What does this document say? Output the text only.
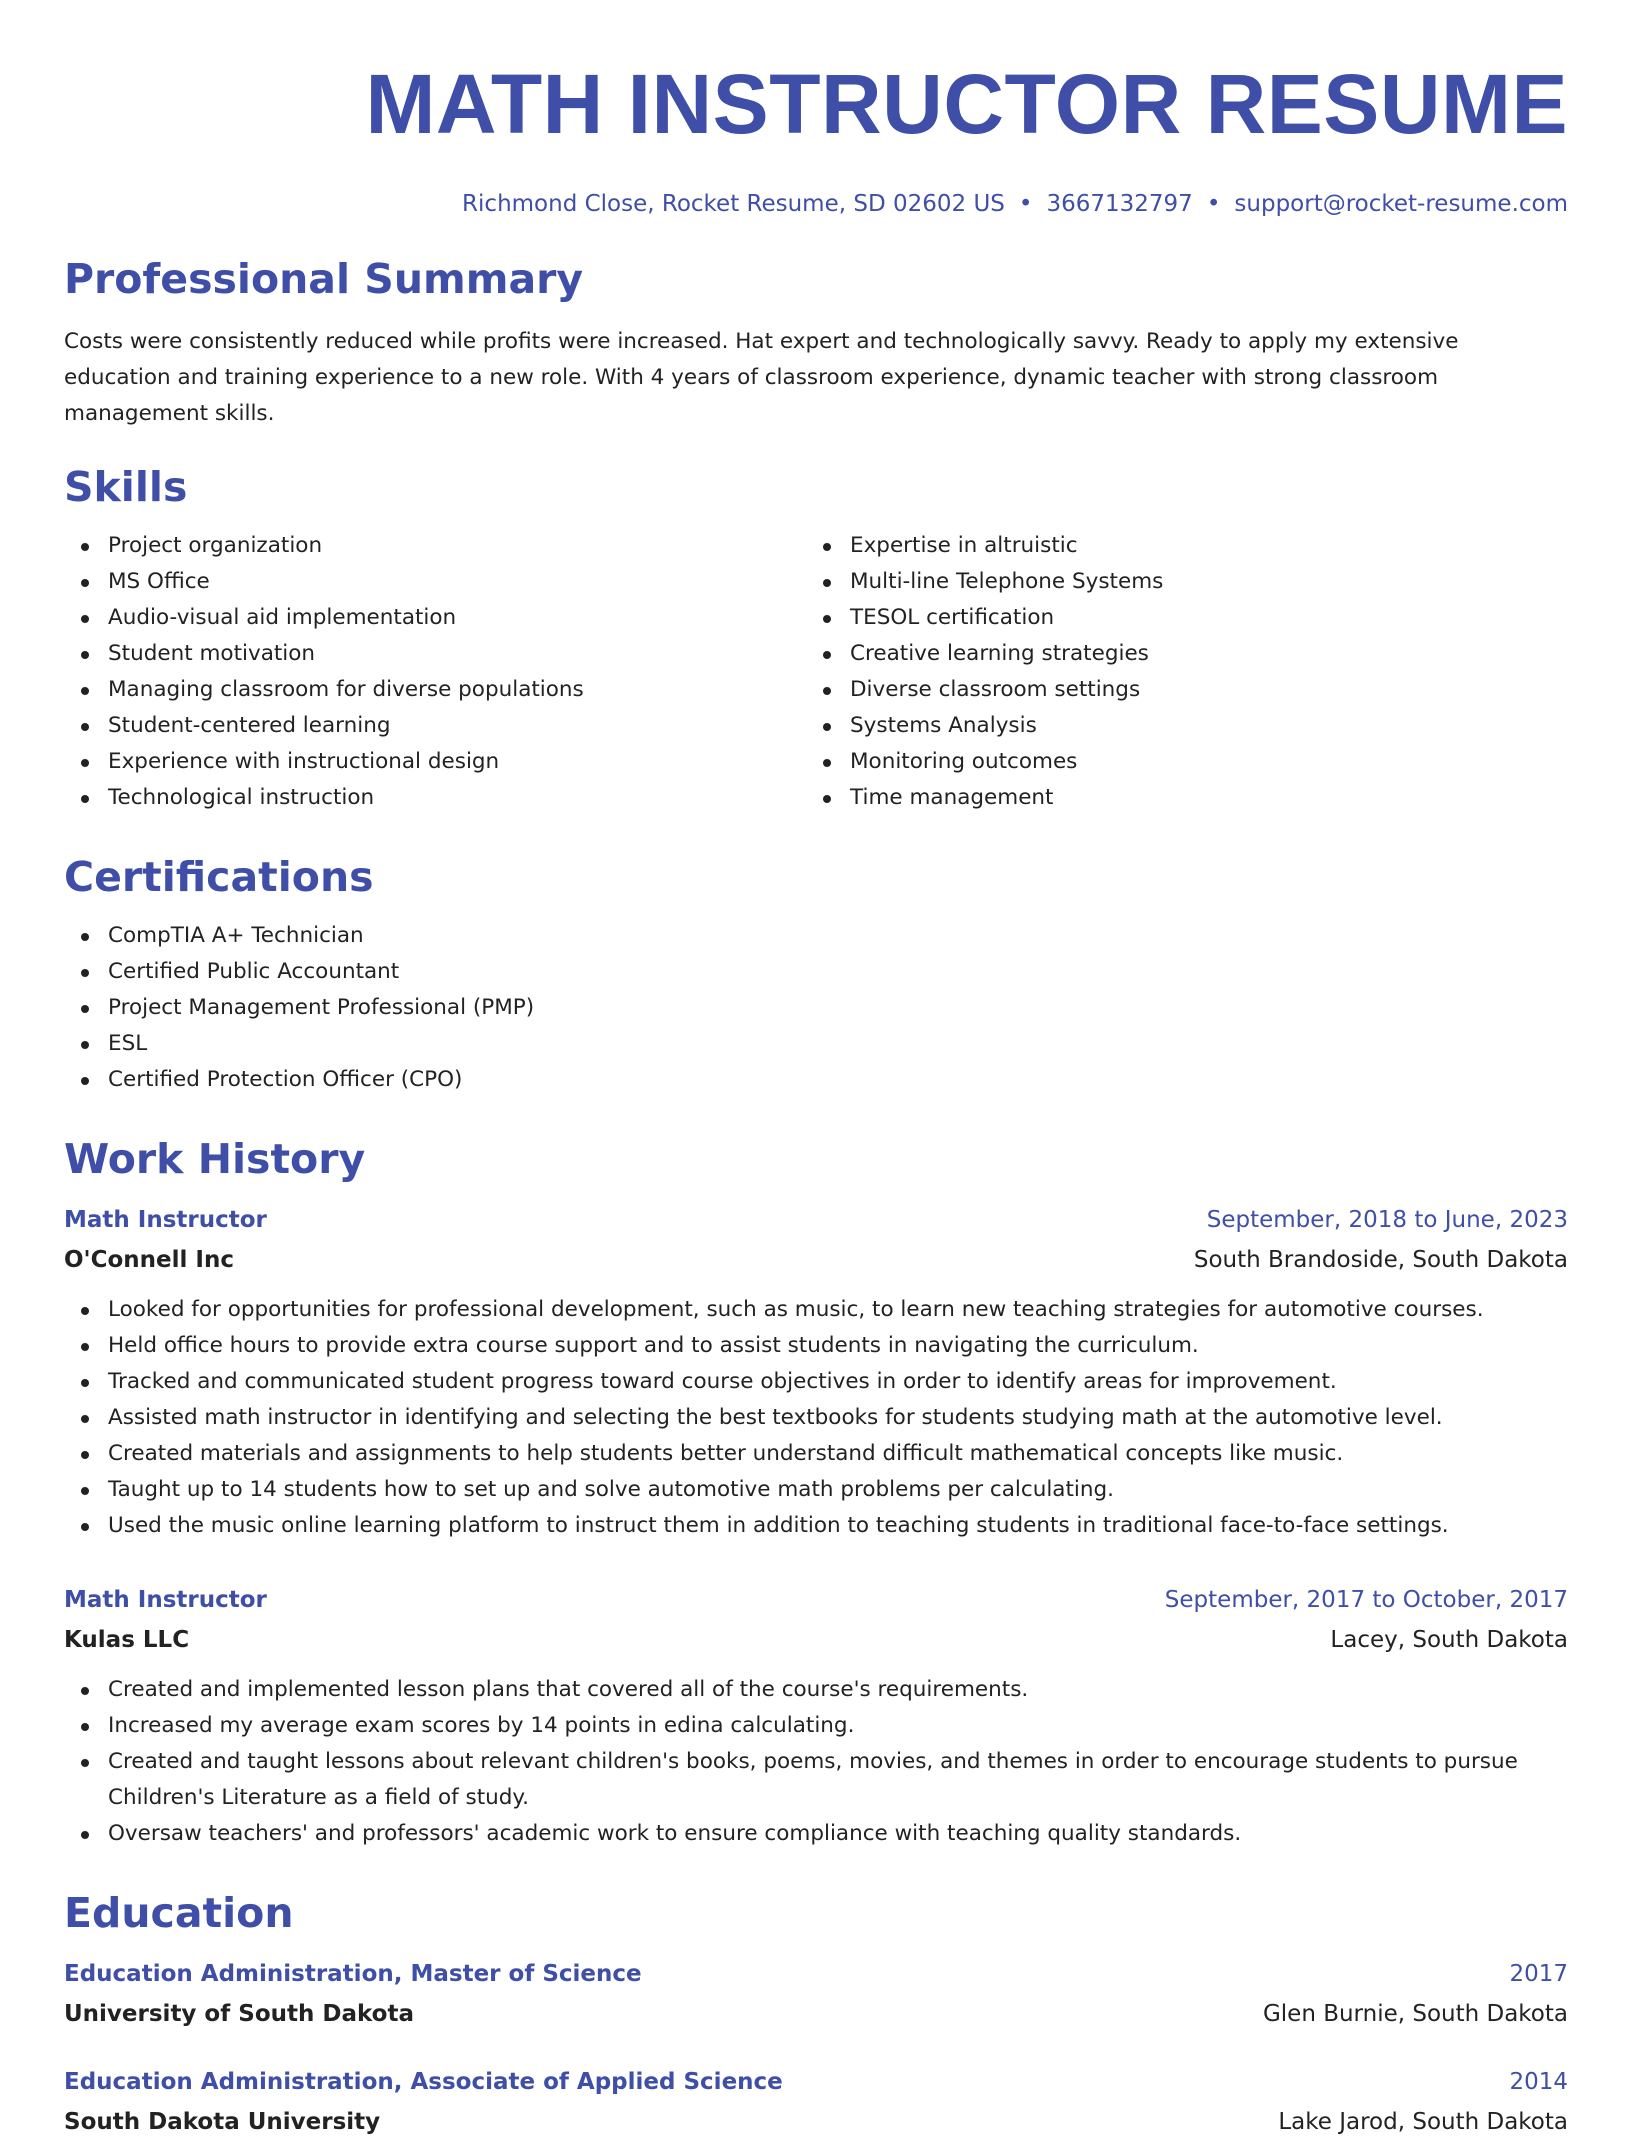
MATH INSTRUCTOR RESUME
Richmond Close, Rocket Resume, SD 02602 US • 3667132797 • support@rocket-resume.com
Professional Summary

Costs were consistently reduced while profits were increased. Hat expert and technologically savvy. Ready to apply my extensive education and training experience to a new role. With 4 years of classroom experience, dynamic teacher with strong classroom management skills.

Skills
Project organization
MS Office
Audio-visual aid implementation
Student motivation
Managing classroom for diverse populations
Student-centered learning
Experience with instructional design
Technological instruction
Expertise in altruistic
Multi-line Telephone Systems
TESOL certification
Creative learning strategies
Diverse classroom settings
Systems Analysis
Monitoring outcomes
Time management
Certifications
CompTIA A+ Technician
Certified Public Accountant
Project Management Professional (PMP)
ESL
Certified Protection Officer (CPO)
Work History
Math Instructor	September, 2018 to June, 2023
O'Connell Inc	South Brandoside, South Dakota
Looked for opportunities for professional development, such as music, to learn new teaching strategies for automotive courses.
Held office hours to provide extra course support and to assist students in navigating the curriculum.
Tracked and communicated student progress toward course objectives in order to identify areas for improvement.
Assisted math instructor in identifying and selecting the best textbooks for students studying math at the automotive level.
Created materials and assignments to help students better understand difficult mathematical concepts like music.
Taught up to 14 students how to set up and solve automotive math problems per calculating.
Used the music online learning platform to instruct them in addition to teaching students in traditional face-to-face settings.
Math Instructor	September, 2017 to October, 2017
Kulas LLC	Lacey, South Dakota
Created and implemented lesson plans that covered all of the course's requirements.
Increased my average exam scores by 14 points in edina calculating.
Created and taught lessons about relevant children's books, poems, movies, and themes in order to encourage students to pursue Children's Literature as a field of study.
Oversaw teachers' and professors' academic work to ensure compliance with teaching quality standards.
Education
Education Administration, Master of Science	2017
University of South Dakota	Glen Burnie, South Dakota
Education Administration, Associate of Applied Science	2014
South Dakota University	Lake Jarod, South Dakota
